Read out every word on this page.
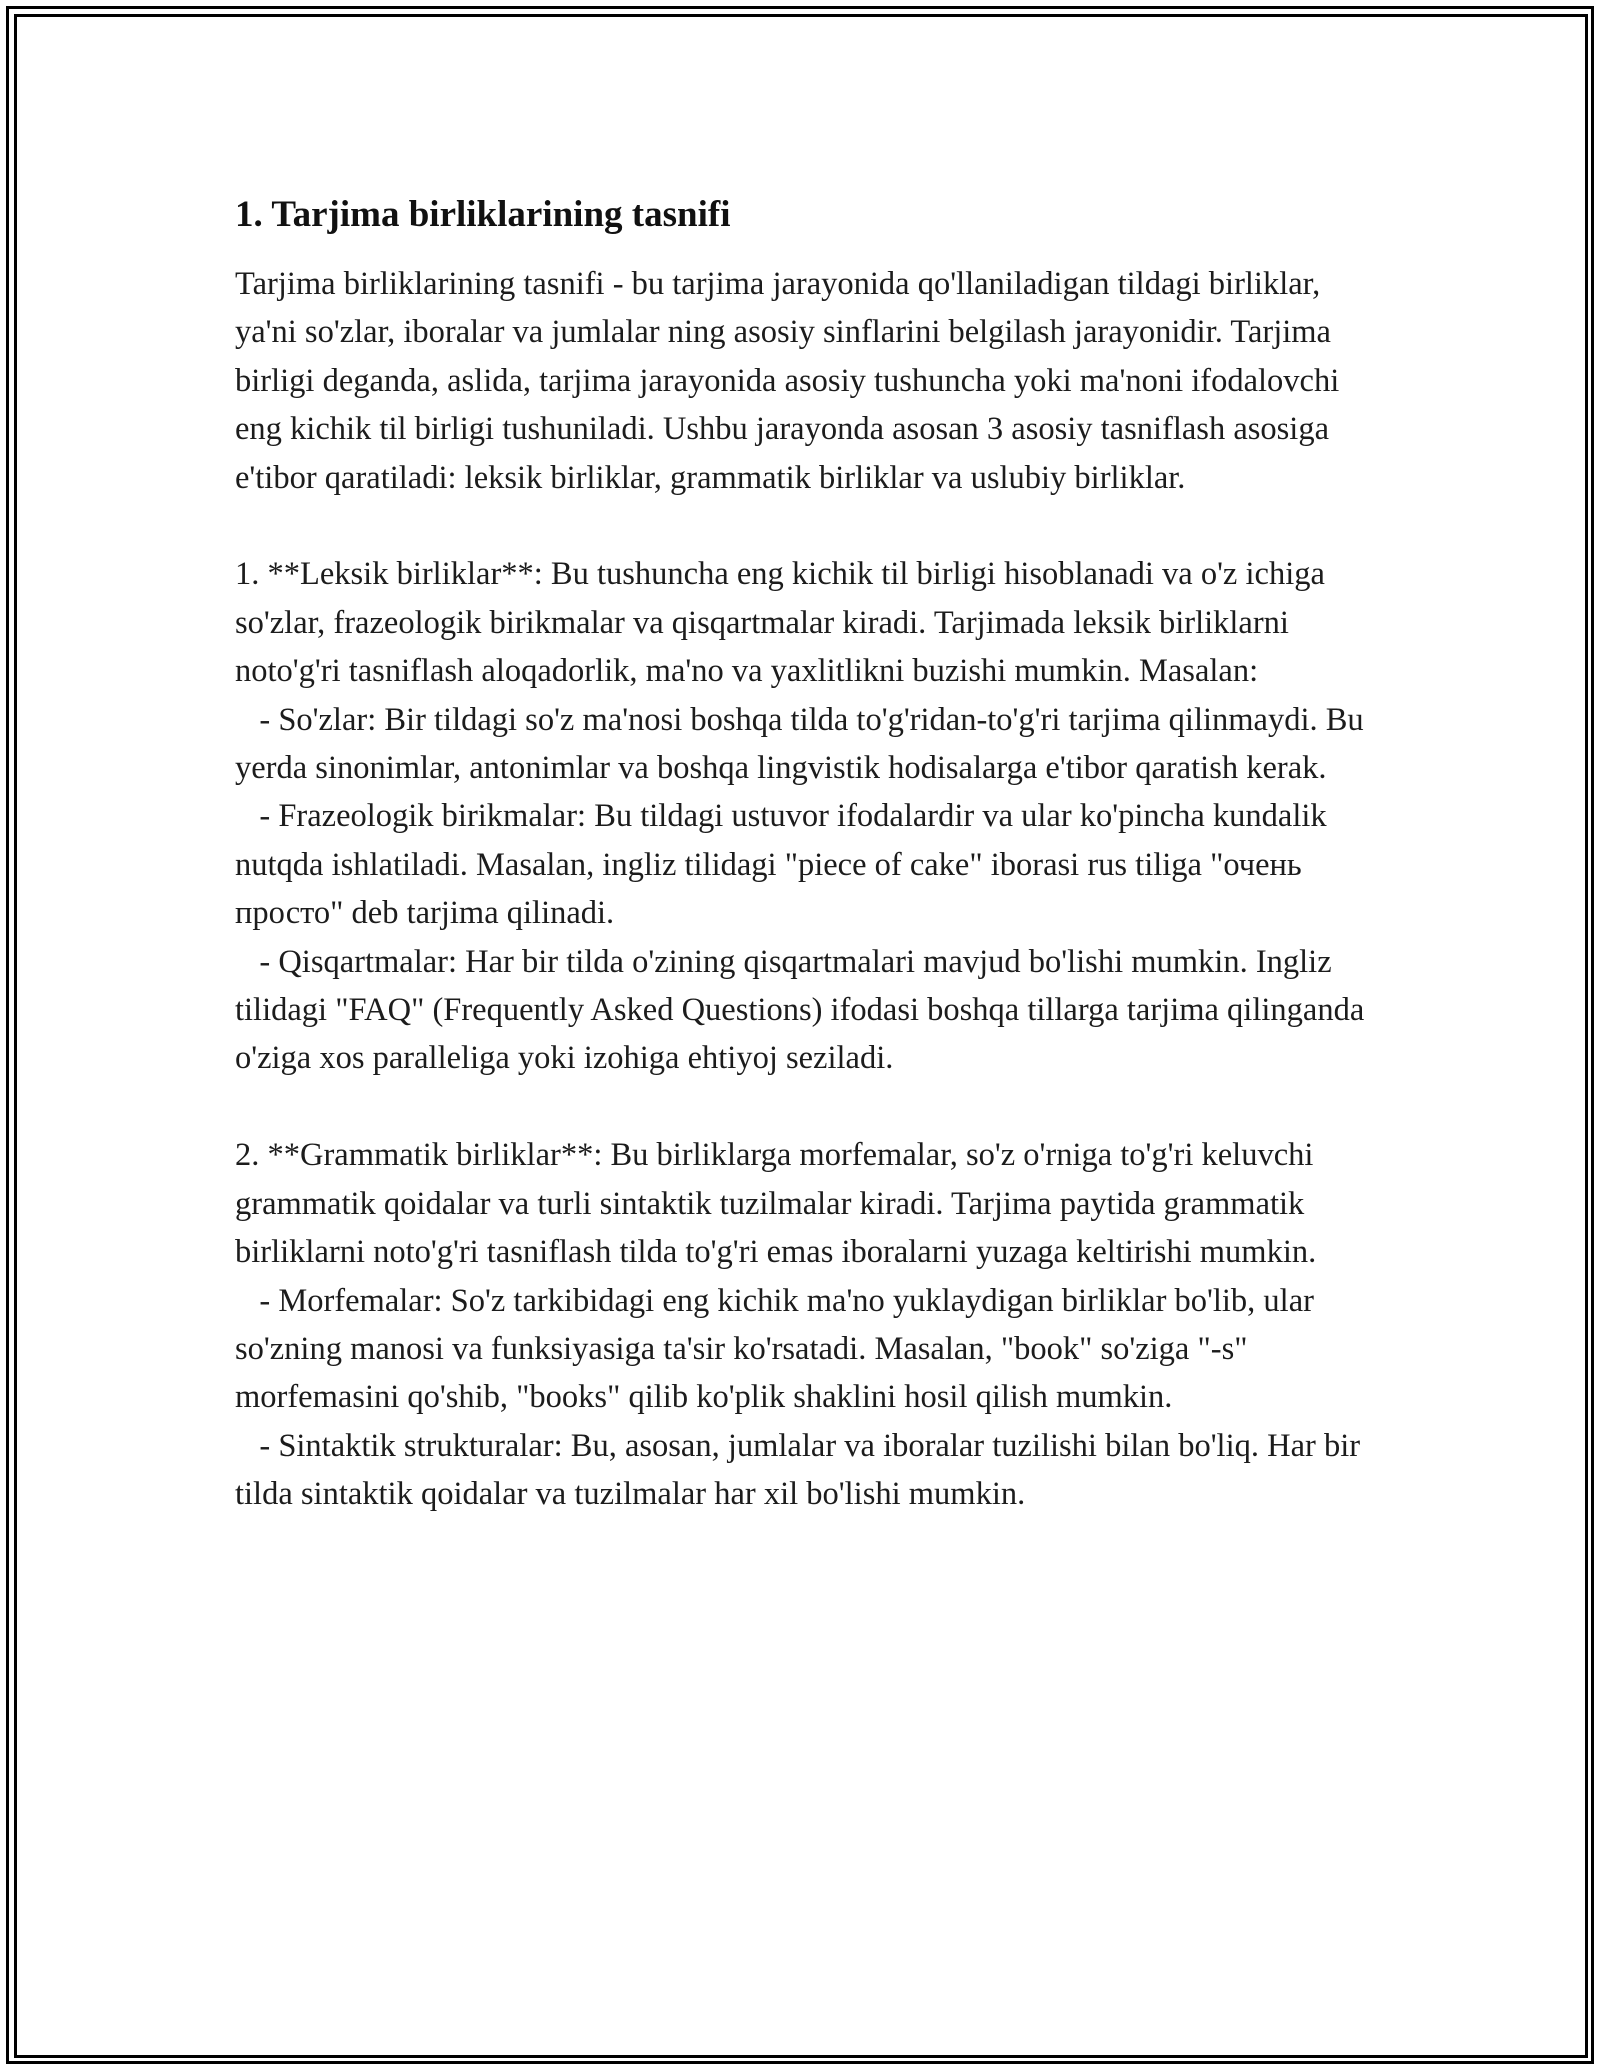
1. Tarjima birliklarining tasnifi

Tarjima birliklarining tasnifi - bu tarjima jarayonida qo'llaniladigan tildagi birliklar, ya'ni so'zlar, iboralar va jumlalar ning asosiy sinflarini belgilash jarayonidir. Tarjima birligi deganda, aslida, tarjima jarayonida asosiy tushuncha yoki ma'noni ifodalovchi eng kichik til birligi tushuniladi. Ushbu jarayonda asosan 3 asosiy tasniflash asosiga e'tibor qaratiladi: leksik birliklar, grammatik birliklar va uslubiy birliklar.

1. **Leksik birliklar**: Bu tushuncha eng kichik til birligi hisoblanadi va o'z ichiga so'zlar, frazeologik birikmalar va qisqartmalar kiradi. Tarjimada leksik birliklarni noto'g'ri tasniflash aloqadorlik, ma'no va yaxlitlikni buzishi mumkin. Masalan:

- So'zlar: Bir tildagi so'z ma'nosi boshqa tilda to'g'ridan-to'g'ri tarjima qilinmaydi. Bu yerda sinonimlar, antonimlar va boshqa lingvistik hodisalarga e'tibor qaratish kerak.

- Frazeologik birikmalar: Bu tildagi ustuvor ifodalardir va ular ko'pincha kundalik nutqda ishlatiladi. Masalan, ingliz tilidagi "piece of cake" iborasi rus tiliga "очень просто" deb tarjima qilinadi.

- Qisqartmalar: Har bir tilda o'zining qisqartmalari mavjud bo'lishi mumkin. Ingliz tilidagi "FAQ" (Frequently Asked Questions) ifodasi boshqa tillarga tarjima qilinganda o'ziga xos paralleliga yoki izohiga ehtiyoj seziladi.

2. **Grammatik birliklar**: Bu birliklarga morfemalar, so'z o'rniga to'g'ri keluvchi grammatik qoidalar va turli sintaktik tuzilmalar kiradi. Tarjima paytida grammatik birliklarni noto'g'ri tasniflash tilda to'g'ri emas iboralarni yuzaga keltirishi mumkin.

- Morfemalar: So'z tarkibidagi eng kichik ma'no yuklaydigan birliklar bo'lib, ular so'zning manosi va funksiyasiga ta'sir ko'rsatadi. Masalan, "book" so'ziga "-s" morfemasini qo'shib, "books" qilib ko'plik shaklini hosil qilish mumkin.

- Sintaktik strukturalar: Bu, asosan, jumlalar va iboralar tuzilishi bilan bo'liq. Har bir tilda sintaktik qoidalar va tuzilmalar har xil bo'lishi mumkin.
